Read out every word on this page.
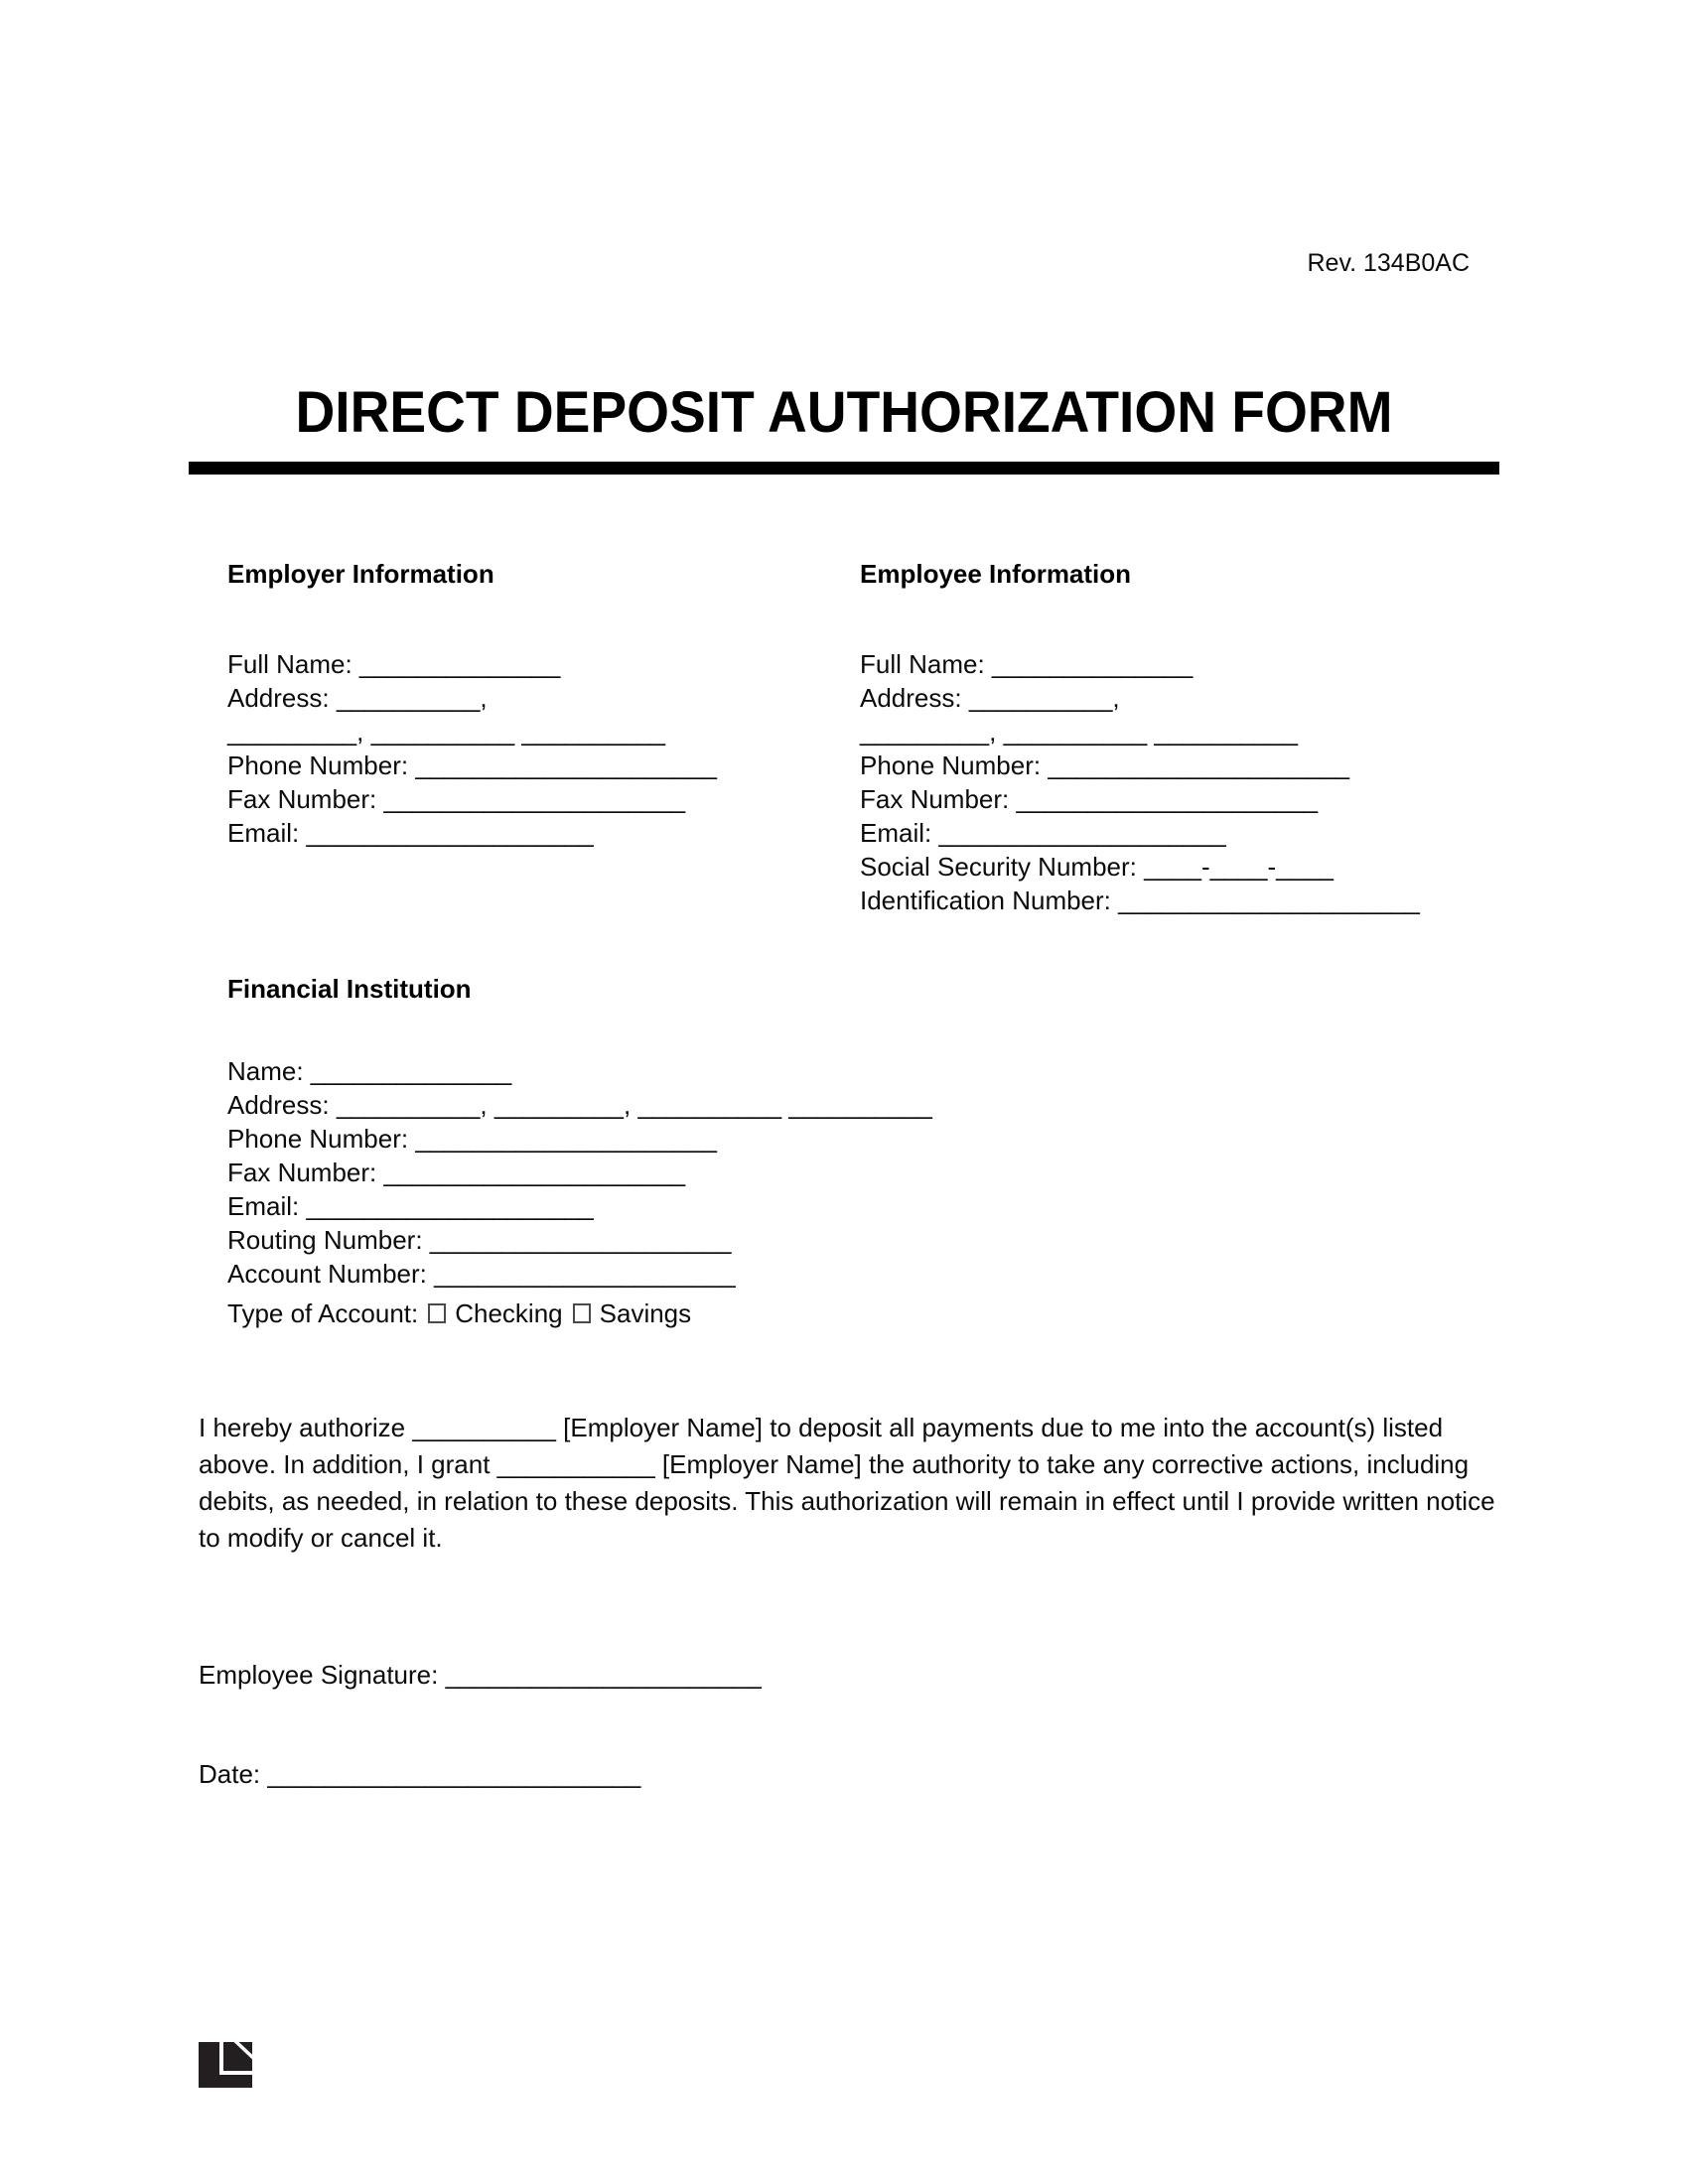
Rev. 134B0AC
DIRECT DEPOSIT AUTHORIZATION FORM
Employer Information
Full Name: ______________
Address: __________,
_________, __________ __________
Phone Number: _____________________
Fax Number: _____________________
Email: ____________________
Employee Information
Full Name: ______________
Address: __________,
_________, __________ __________
Phone Number: _____________________
Fax Number: _____________________
Email: ____________________
Social Security Number: ____-____-____
Identification Number: _____________________
Financial Institution
Name: ______________
Address: __________, _________, __________ __________
Phone Number: _____________________
Fax Number: _____________________
Email: ____________________
Routing Number: _____________________
Account Number: _____________________
Type of Account: Checking Savings

I hereby authorize __________ [Employer Name] to deposit all payments due to me into the account(s) listed above. In addition, I grant ___________ [Employer Name] the authority to take any corrective actions, including debits, as needed, in relation to these deposits. This authorization will remain in effect until I provide written notice to modify or cancel it.

Employee Signature: ______________________
Date: __________________________
